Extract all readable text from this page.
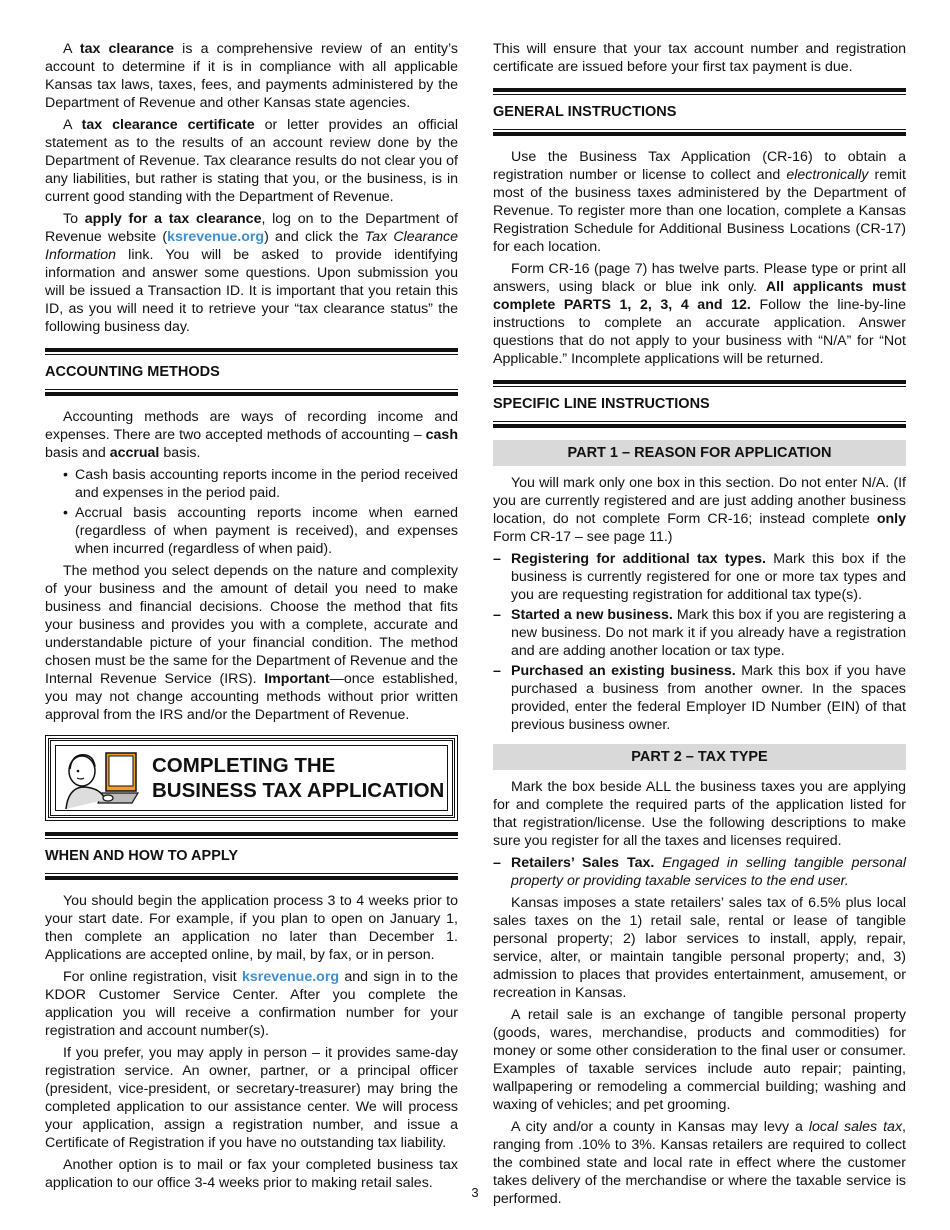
A tax clearance is a comprehensive review of an entity’s account to determine if it is in compliance with all applicable Kansas tax laws, taxes, fees, and payments administered by the Department of Revenue and other Kansas state agencies.

A tax clearance certificate or letter provides an official statement as to the results of an account review done by the Department of Revenue. Tax clearance results do not clear you of any liabilities, but rather is stating that you, or the business, is in current good standing with the Department of Revenue.

To apply for a tax clearance, log on to the Department of Revenue website (ksrevenue.org) and click the Tax Clearance Information link. You will be asked to provide identifying information and answer some questions. Upon submission you will be issued a Transaction ID. It is important that you retain this ID, as you will need it to retrieve your “tax clearance status” the following business day.

ACCOUNTING METHODS

Accounting methods are ways of recording income and expenses. There are two accepted methods of accounting – cash basis and accrual basis.

• Cash basis accounting reports income in the period received and expenses in the period paid.
• Accrual basis accounting reports income when earned (regardless of when payment is received), and expenses when incurred (regardless of when paid).

The method you select depends on the nature and complexity of your business and the amount of detail you need to make business and financial decisions. Choose the method that fits your business and provides you with a complete, accurate and understandable picture of your financial condition. The method chosen must be the same for the Department of Revenue and the Internal Revenue Service (IRS). Important—once established, you may not change accounting methods without prior written approval from the IRS and/or the Department of Revenue.

COMPLETING THE
BUSINESS TAX APPLICATION
WHEN AND HOW TO APPLY

You should begin the application process 3 to 4 weeks prior to your start date. For example, if you plan to open on January 1, then complete an application no later than December 1. Applications are accepted online, by mail, by fax, or in person.

For online registration, visit ksrevenue.org and sign in to the KDOR Customer Service Center. After you complete the application you will receive a confirmation number for your registration and account number(s).

If you prefer, you may apply in person – it provides same-day registration service. An owner, partner, or a principal officer (president, vice-president, or secretary-treasurer) may bring the completed application to our assistance center. We will process your application, assign a registration number, and issue a Certificate of Registration if you have no outstanding tax liability.

Another option is to mail or fax your completed business tax application to our office 3-4 weeks prior to making retail sales.

This will ensure that your tax account number and registration certificate are issued before your first tax payment is due.

GENERAL INSTRUCTIONS

Use the Business Tax Application (CR-16) to obtain a registration number or license to collect and electronically remit most of the business taxes administered by the Department of Revenue. To register more than one location, complete a Kansas Registration Schedule for Additional Business Locations (CR-17) for each location.

Form CR-16 (page 7) has twelve parts. Please type or print all answers, using black or blue ink only. All applicants must complete PARTS 1, 2, 3, 4 and 12. Follow the line-by-line instructions to complete an accurate application. Answer questions that do not apply to your business with “N/A” for “Not Applicable.” Incomplete applications will be returned.

SPECIFIC LINE INSTRUCTIONS
PART 1 – REASON FOR APPLICATION

You will mark only one box in this section. Do not enter N/A. (If you are currently registered and are just adding another business location, do not complete Form CR-16; instead complete only Form CR-17 – see page 11.)

– Registering for additional tax types. Mark this box if the business is currently registered for one or more tax types and you are requesting registration for additional tax type(s).
– Started a new business. Mark this box if you are registering a new business. Do not mark it if you already have a registration and are adding another location or tax type.
– Purchased an existing business. Mark this box if you have purchased a business from another owner. In the spaces provided, enter the federal Employer ID Number (EIN) of that previous business owner.
PART 2 – TAX TYPE

Mark the box beside ALL the business taxes you are applying for and complete the required parts of the application listed for that registration/license. Use the following descriptions to make sure you register for all the taxes and licenses required.

– Retailers’ Sales Tax. Engaged in selling tangible personal property or providing taxable services to the end user.

Kansas imposes a state retailers’ sales tax of 6.5% plus local sales taxes on the 1) retail sale, rental or lease of tangible personal property; 2) labor services to install, apply, repair, service, alter, or maintain tangible personal property; and, 3) admission to places that provides entertainment, amusement, or recreation in Kansas.

A retail sale is an exchange of tangible personal property (goods, wares, merchandise, products and commodities) for money or some other consideration to the final user or consumer. Examples of taxable services include auto repair; painting, wallpapering or remodeling a commercial building; washing and waxing of vehicles; and pet grooming.

A city and/or a county in Kansas may levy a local sales tax, ranging from .10% to 3%. Kansas retailers are required to collect the combined state and local rate in effect where the customer takes delivery of the merchandise or where the taxable service is performed.

3
